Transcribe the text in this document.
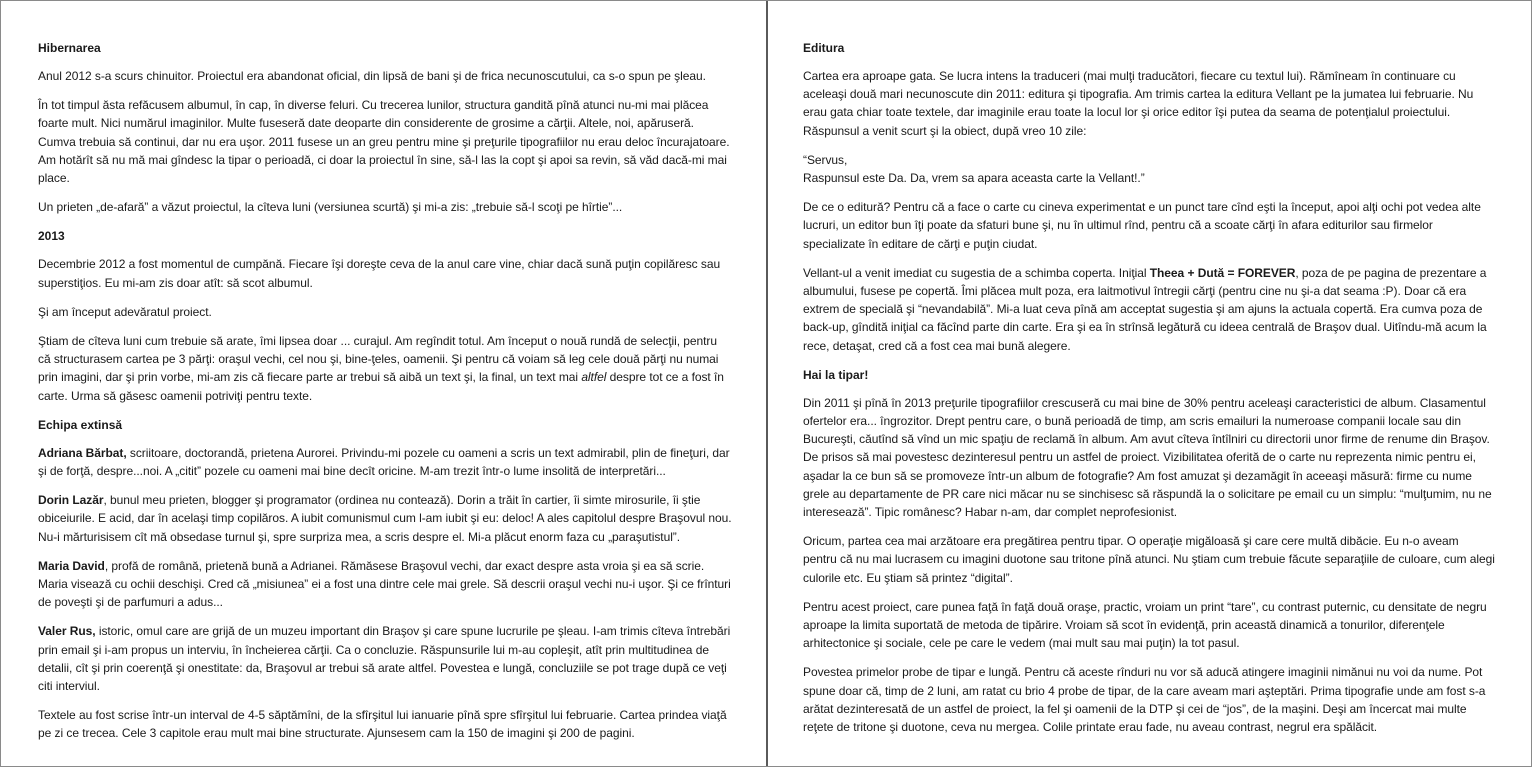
Hibernarea

Anul 2012 s-a scurs chinuitor. Proiectul era abandonat oficial, din lipsă de bani şi de frica necunoscutului, ca s-o spun pe şleau.

În tot timpul ăsta refăcusem albumul, în cap, în diverse feluri. Cu trecerea lunilor, structura gandită pînă atunci nu-mi mai plăcea foarte mult. Nici numărul imaginilor. Multe fuseseră date deoparte din considerente de grosime a cărţii. Altele, noi, apăruseră. Cumva trebuia să continui, dar nu era uşor. 2011 fusese un an greu pentru mine şi preţurile tipografiilor nu erau deloc încurajatoare. Am hotărît să nu mă mai gîndesc la tipar o perioadă, ci doar la proiectul în sine, să-l las la copt şi apoi sa revin, să văd dacă-mi mai place.

Un prieten „de-afară” a văzut proiectul, la cîteva luni (versiunea scurtă) şi mi-a zis: „trebuie să-l scoţi pe hîrtie”...

2013

Decembrie 2012 a fost momentul de cumpănă. Fiecare îşi doreşte ceva de la anul care vine, chiar dacă sună puţin copilăresc sau superstiţios. Eu mi-am zis doar atît: să scot albumul.

Şi am început adevăratul proiect.

Ştiam de cîteva luni cum trebuie să arate, îmi lipsea doar ... curajul. Am regîndit totul. Am început o nouă rundă de selecţii, pentru că structurasem cartea pe 3 părţi: oraşul vechi, cel nou şi, bine-ţeles, oamenii. Şi pentru că voiam să leg cele două părţi nu numai prin imagini, dar şi prin vorbe, mi-am zis că fiecare parte ar trebui să aibă un text şi, la final, un text mai altfel despre tot ce a fost în carte. Urma să găsesc oamenii potriviţi pentru texte.

Echipa extinsă

Adriana Bărbat, scriitoare, doctorandă, prietena Aurorei. Privindu-mi pozele cu oameni a scris un text admirabil, plin de fineţuri, dar şi de forţă, despre...noi. A „citit” pozele cu oameni mai bine decît oricine. M-am trezit într-o lume insolită de interpretări...

Dorin Lazăr, bunul meu prieten, blogger şi programator (ordinea nu contează). Dorin a trăit în cartier, îi simte mirosurile, îi ştie obiceiurile. E acid, dar în acelaşi timp copilăros. A iubit comunismul cum l-am iubit şi eu: deloc! A ales capitolul despre Braşovul nou. Nu-i mărturisisem cît mă obsedase turnul şi, spre surpriza mea, a scris despre el. Mi-a plăcut enorm faza cu „paraşutistul”.

Maria David, profă de română, prietenă bună a Adrianei. Rămăsese Braşovul vechi, dar exact despre asta vroia şi ea să scrie. Maria visează cu ochii deschişi. Cred că „misiunea” ei a fost una dintre cele mai grele. Să descrii oraşul vechi nu-i uşor. Şi ce frînturi de poveşti şi de parfumuri a adus...

Valer Rus, istoric, omul care are grijă de un muzeu important din Braşov şi care spune lucrurile pe şleau. I-am trimis cîteva întrebări prin email şi i-am propus un interviu, în încheierea cărţii. Ca o concluzie. Răspunsurile lui m-au copleşit, atît prin multitudinea de detalii, cît şi prin coerenţă şi onestitate: da, Braşovul ar trebui să arate altfel. Povestea e lungă, concluziile se pot trage după ce veţi citi interviul.

Textele au fost scrise într-un interval de 4-5 săptămîni, de la sfîrşitul lui ianuarie pînă spre sfîrşitul lui februarie. Cartea prindea viaţă pe zi ce trecea. Cele 3 capitole erau mult mai bine structurate. Ajunsesem cam la 150 de imagini şi 200 de pagini.

Editura

Cartea era aproape gata. Se lucra intens la traduceri (mai mulţi traducători, fiecare cu textul lui). Rămîneam în continuare cu aceleaşi două mari necunoscute din 2011: editura şi tipografia. Am trimis cartea la editura Vellant pe la jumatea lui februarie. Nu erau gata chiar toate textele, dar imaginile erau toate la locul lor şi orice editor îşi putea da seama de potenţialul proiectului. Răspunsul a venit scurt şi la obiect, după vreo 10 zile:

“Servus,
Raspunsul este Da. Da, vrem sa apara aceasta carte la Vellant!.”

De ce o editură? Pentru că a face o carte cu cineva experimentat e un punct tare cînd eşti la început, apoi alţi ochi pot vedea alte lucruri, un editor bun îţi poate da sfaturi bune şi, nu în ultimul rînd, pentru că a scoate cărţi în afara editurilor sau firmelor specializate în editare de cărţi e puţin ciudat.

Vellant-ul a venit imediat cu sugestia de a schimba coperta. Iniţial Theea + Dută = FOREVER, poza de pe pagina de prezentare a albumului, fusese pe copertă. Îmi plăcea mult poza, era laitmotivul întregii cărţi (pentru cine nu şi-a dat seama :P). Doar că era extrem de specială şi “nevandabilă”. Mi-a luat ceva pînă am acceptat sugestia şi am ajuns la actuala copertă. Era cumva poza de back-up, gîndită iniţial ca făcînd parte din carte. Era şi ea în strînsă legătură cu ideea centrală de Braşov dual. Uitîndu-mă acum la rece, detaşat, cred că a fost cea mai bună alegere.

Hai la tipar!

Din 2011 şi pînă în 2013 preţurile tipografiilor crescuseră cu mai bine de 30% pentru aceleaşi caracteristici de album. Clasamentul ofertelor era... îngrozitor. Drept pentru care, o bună perioadă de timp, am scris emailuri la numeroase companii locale sau din Bucureşti, căutînd să vînd un mic spaţiu de reclamă în album. Am avut cîteva întîlniri cu directorii unor firme de renume din Braşov. De prisos să mai povestesc dezinteresul pentru un astfel de proiect. Vizibilitatea oferită de o carte nu reprezenta nimic pentru ei, aşadar la ce bun să se promoveze într-un album de fotografie? Am fost amuzat şi dezamăgit în aceeaşi măsură: firme cu nume grele au departamente de PR care nici măcar nu se sinchisesc să răspundă la o solicitare pe email cu un simplu: “mulţumim, nu ne interesează”. Tipic românesc? Habar n-am, dar complet neprofesionist.

Oricum, partea cea mai arzătoare era pregătirea pentru tipar. O operaţie migăloasă şi care cere multă dibăcie. Eu n-o aveam pentru că nu mai lucrasem cu imagini duotone sau tritone pînă atunci. Nu ştiam cum trebuie făcute separaţiile de culoare, cum alegi culorile etc. Eu ştiam să printez “digital”.

Pentru acest proiect, care punea faţă în faţă două oraşe, practic, vroiam un print “tare”, cu contrast puternic, cu densitate de negru aproape la limita suportată de metoda de tipărire. Vroiam să scot în evidenţă, prin această dinamică a tonurilor, diferenţele arhitectonice şi sociale, cele pe care le vedem (mai mult sau mai puţin) la tot pasul.

Povestea primelor probe de tipar e lungă. Pentru că aceste rînduri nu vor să aducă atingere imaginii nimănui nu voi da nume. Pot spune doar că, timp de 2 luni, am ratat cu brio 4 probe de tipar, de la care aveam mari aşteptări. Prima tipografie unde am fost s-a arătat dezinteresată de un astfel de proiect, la fel şi oamenii de la DTP şi cei de “jos”, de la maşini. Deşi am încercat mai multe reţete de tritone şi duotone, ceva nu mergea. Colile printate erau fade, nu aveau contrast, negrul era spălăcit.
